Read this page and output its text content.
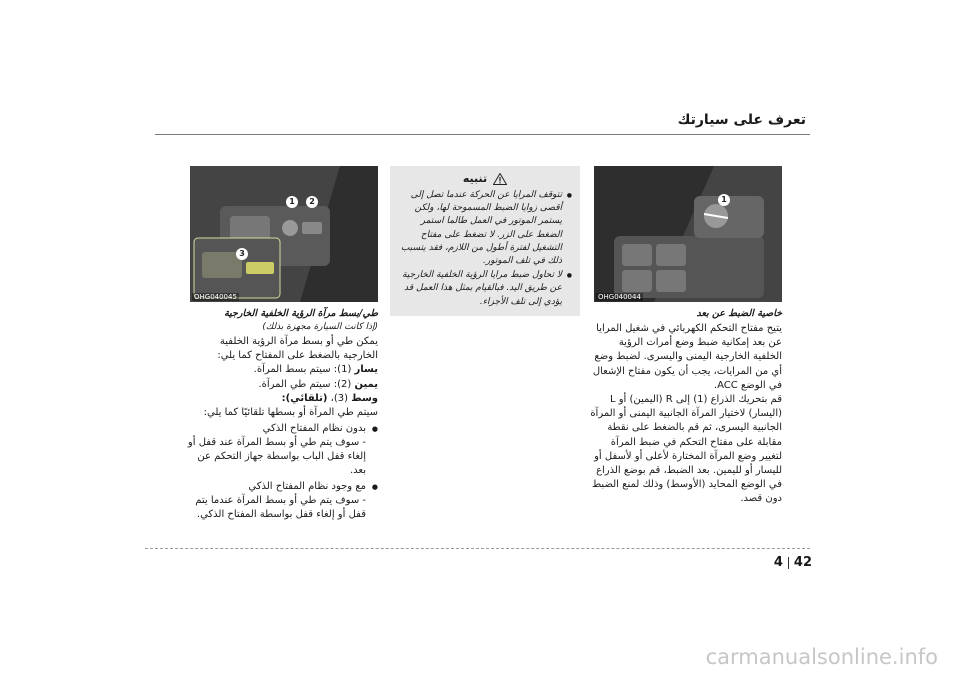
تعرف على سيارتك
1
OHG040044
خاصية الضبط عن بعد

يتيح مفتاح التحكم الكهربائي في شغيل المرايا عن بعد إمكانية ضبط وضع أمرات الرؤية الخلفية الخارجية اليمنى واليسرى. لضبط وضع أي من المرايات، يجب أن يكون مفتاح الإشعال في الوضع ACC.

قم بتحريك الذراع (1) إلى R (اليمين) أو L (اليسار) لاختيار المرآة الجانبية اليمنى أو المرآة الجانبية اليسرى، ثم قم بالضغط على نقطة مقابلة على مفتاح التحكم في ضبط المرآة لتغيير وضع المرآة المختارة لأعلى أو لأسفل أو لليسار أو لليمين. بعد الضبط، قم بوضع الذراع في الوضع المحايد (الأوسط) وذلك لمنع الضبط دون قصد.

تنبيه

● تتوقف المرايا عن الحركة عندما تصل إلى أقصى زوايا الضبط المسموحة لها، ولكن يستمر الموتور في العمل طالما استمر الضغط على الزر. لا تضغط على مفتاح التشغيل لفترة أطول من اللازم، فقد يتسبب ذلك في تلف الموتور.

● لا تحاول ضبط مرايا الرؤية الخلفية الخارجية عن طريق اليد. فبالقيام بمثل هذا العمل قد يؤدي إلى تلف الأجزاء.

1	2
3
OHG040045
طي/بسط مرآة الرؤية الخلفية الخارجية
(إذا كانت السيارة مجهزة بذلك)

يمكن طي أو بسط مرآة الرؤية الخلفية الخارجية بالضغط على المفتاح كما يلي:

يسار (1): سيتم بسط المرآة.

يمين (2): سيتم طي المرآة.

وسط (3)، (تلقائي):

سيتم طي المرآة أو بسطها تلقائيًا كما يلي:

● بدون نظام المفتاح الذكي

- سوف يتم طي أو بسط المرآة عند قفل أو إلغاء قفل الباب بواسطة جهاز التحكم عن بعد.

● مع وجود نظام المفتاح الذكي

- سوف يتم طي أو بسط المرآة عندما يتم قفل أو إلغاء قفل بواسطة المفتاح الذكي.

4 42
carmanualsonline.info
